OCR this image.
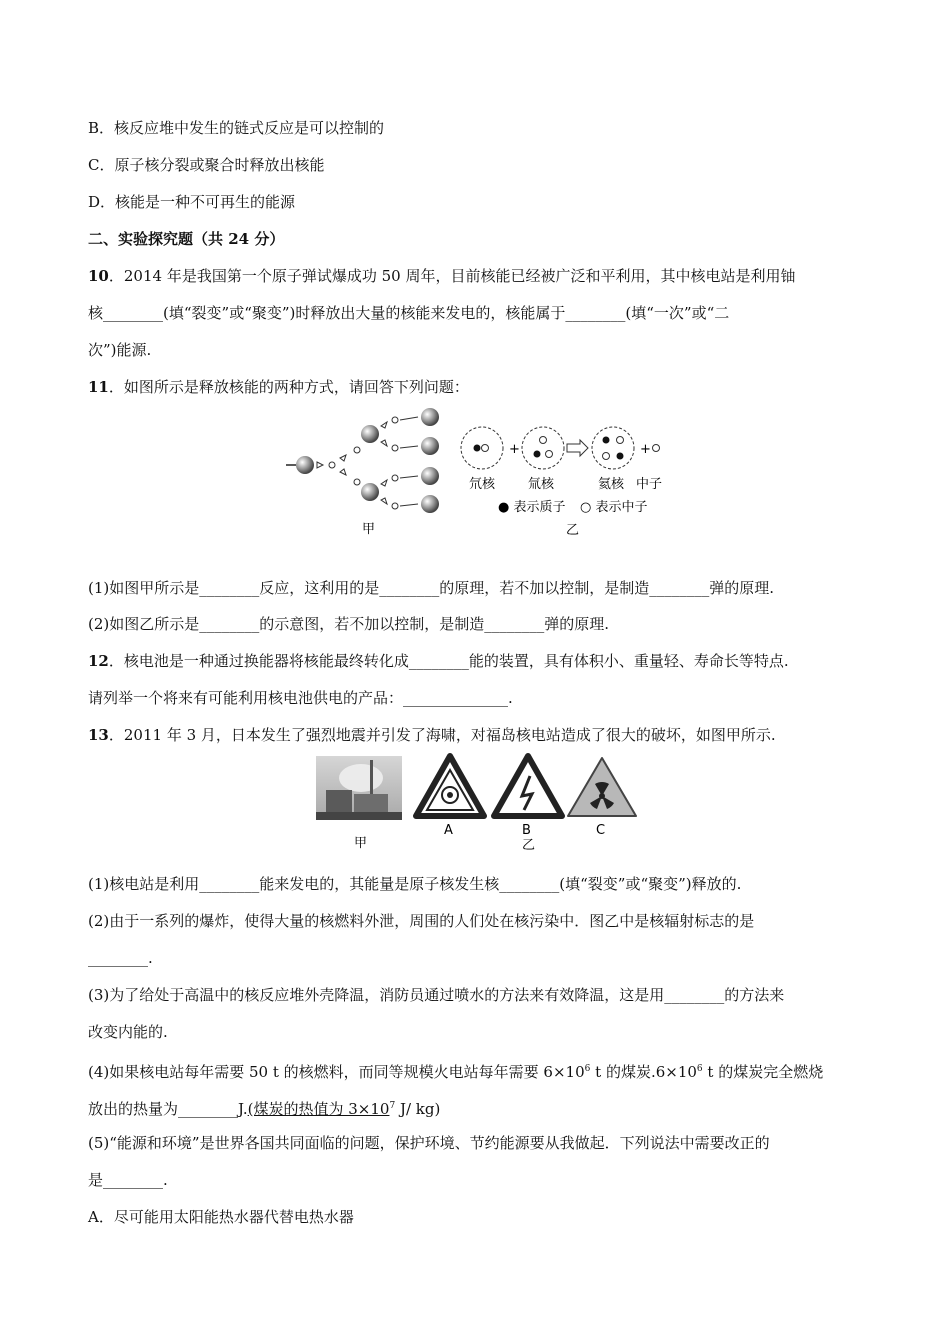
B．核反应堆中发生的链式反应是可以控制的
C．原子核分裂或聚合时释放出核能
D．核能是一种不可再生的能源
二、实验探究题（共 24 分）
10．2014 年是我国第一个原子弹试爆成功 50 周年，目前核能已经被广泛和平利用，其中核电站是利用铀
核________(填“裂变”或“聚变”)时释放出大量的核能来发电的，核能属于________(填“一次”或“二
次”)能源.
11．如图所示是释放核能的两种方式，请回答下列问题：
甲
+	+
氘核	氚核	氦核 中子
● 表示质子 ○ 表示中子
乙
(1)如图甲所示是________反应，这利用的是________的原理，若不加以控制，是制造________弹的原理.
(2)如图乙所示是________的示意图，若不加以控制，是制造________弹的原理.
12．核电池是一种通过换能器将核能最终转化成________能的装置，具有体积小、重量轻、寿命长等特点.
请列举一个将来有可能利用核电池供电的产品：______________.
13．2011 年 3 月，日本发生了强烈地震并引发了海啸，对福岛核电站造成了很大的破坏，如图甲所示.
甲
A	B
乙
C
(1)核电站是利用________能来发电的，其能量是原子核发生核________(填“裂变”或“聚变”)释放的.
(2)由于一系列的爆炸，使得大量的核燃料外泄，周围的人们处在核污染中．图乙中是核辐射标志的是
________.
(3)为了给处于高温中的核反应堆外壳降温，消防员通过喷水的方法来有效降温，这是用________的方法来
改变内能的.
(4)如果核电站每年需要 50 t 的核燃料，而同等规模火电站每年需要 $6\times 10^6$ t 的煤炭$.6\times 10^6$ t 的煤炭完全燃烧
放出的热量为________J.(煤炭的热值为 $3\times 10^7$ J/ kg)
(5)“能源和环境”是世界各国共同面临的问题，保护环境、节约能源要从我做起．下列说法中需要改正的
是________.
A．尽可能用太阳能热水器代替电热水器
